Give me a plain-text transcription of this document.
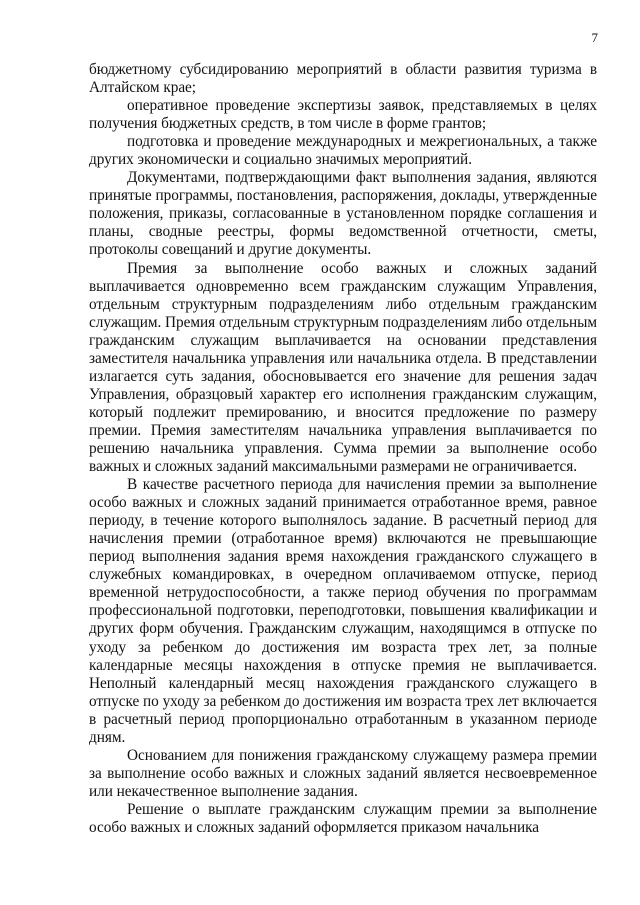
7

бюджетному субсидированию мероприятий в области развития туризма в Алтайском крае;

оперативное проведение экспертизы заявок, представляемых в целях получения бюджетных средств, в том числе в форме грантов;

подготовка и проведение международных и межрегиональных, а также других экономически и социально значимых мероприятий.

Документами, подтверждающими факт выполнения задания, являются принятые программы, постановления, распоряжения, доклады, утвержденные положения, приказы, согласованные в установленном порядке соглашения и планы, сводные реестры, формы ведомственной отчетности, сметы, протоколы совещаний и другие документы.

Премия за выполнение особо важных и сложных заданий выплачивается одновременно всем гражданским служащим Управления, отдельным структурным подразделениям либо отдельным гражданским служащим. Премия отдельным структурным подразделениям либо отдельным гражданским служащим выплачивается на основании представления заместителя начальника управления или начальника отдела. В представлении излагается суть задания, обосновывается его значение для решения задач Управления, образцовый характер его исполнения гражданским служащим, который подлежит премированию, и вносится предложение по размеру премии. Премия заместителям начальника управления выплачивается по решению начальника управления. Сумма премии за выполнение особо важных и сложных заданий максимальными размерами не ограничивается.

В качестве расчетного периода для начисления премии за выполнение особо важных и сложных заданий принимается отработанное время, равное периоду, в течение которого выполнялось задание. В расчетный период для начисления премии (отработанное время) включаются не превышающие период выполнения задания время нахождения гражданского служащего в служебных командировках, в очередном оплачиваемом отпуске, период временной нетрудоспособности, а также период обучения по программам профессиональной подготовки, переподготовки, повышения квалификации и других форм обучения. Гражданским служащим, находящимся в отпуске по уходу за ребенком до достижения им возраста трех лет, за полные календарные месяцы нахождения в отпуске премия не выплачивается. Неполный календарный месяц нахождения гражданского служащего в отпуске по уходу за ребенком до достижения им возраста трех лет включается в расчетный период пропорционально отработанным в указанном периоде дням.

Основанием для понижения гражданскому служащему размера премии за выполнение особо важных и сложных заданий является несвоевременное или некачественное выполнение задания.

Решение о выплате гражданским служащим премии за выполнение особо важных и сложных заданий оформляется приказом начальника
